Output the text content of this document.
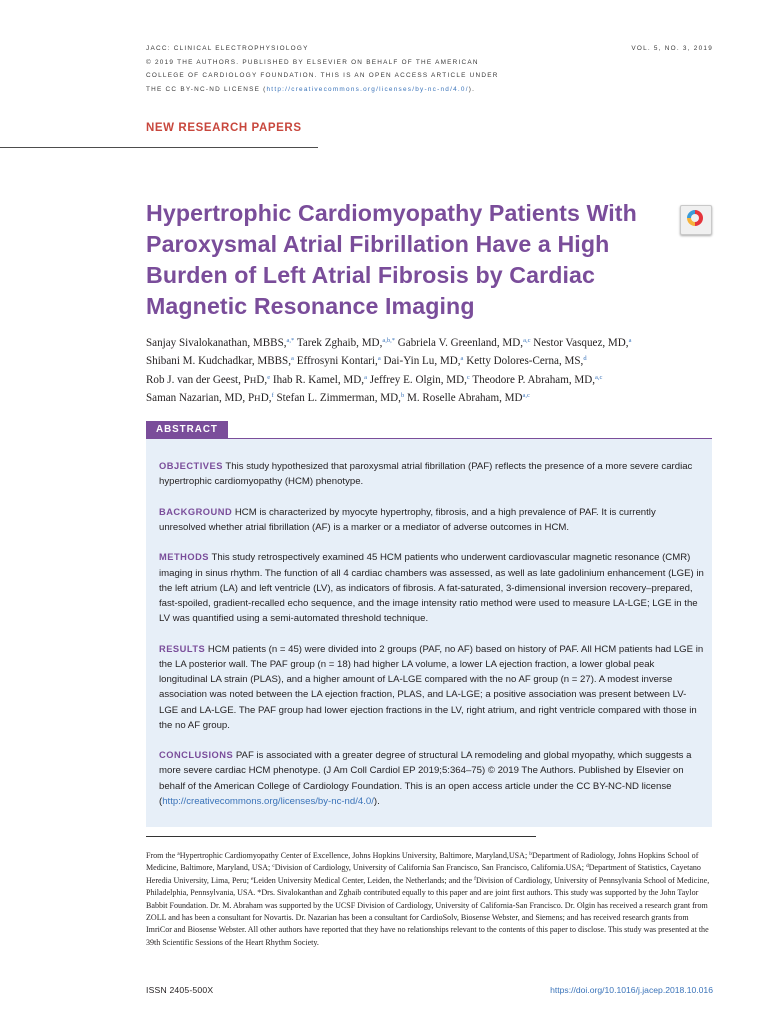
JACC: CLINICAL ELECTROPHYSIOLOGY
© 2019 THE AUTHORS. PUBLISHED BY ELSEVIER ON BEHALF OF THE AMERICAN
COLLEGE OF CARDIOLOGY FOUNDATION. THIS IS AN OPEN ACCESS ARTICLE UNDER
THE CC BY-NC-ND LICENSE (http://creativecommons.org/licenses/by-nc-nd/4.0/).
VOL. 5, NO. 3, 2019
NEW RESEARCH PAPERS
Hypertrophic Cardiomyopathy Patients With Paroxysmal Atrial Fibrillation Have a High Burden of Left Atrial Fibrosis by Cardiac Magnetic Resonance Imaging
Sanjay Sivalokanathan, MBBS,$^{a,*}$ Tarek Zghaib, MD,$^{a,b,*}$ Gabriela V. Greenland, MD,$^{a,c}$ Nestor Vasquez, MD,$^a$
Shibani M. Kudchadkar, MBBS,$^a$ Effrosyni Kontari,$^a$ Dai-Yin Lu, MD,$^a$ Ketty Dolores-Cerna, MS,$^d$
Rob J. van der Geest, PHD,$^e$ Ihab R. Kamel, MD,$^a$ Jeffrey E. Olgin, MD,$^c$ Theodore P. Abraham, MD,$^{a,c}$
Saman Nazarian, MD, PHD,$^f$ Stefan L. Zimmerman, MD,$^b$ M. Roselle Abraham, MD$^{a,c}$
ABSTRACT

OBJECTIVES This study hypothesized that paroxysmal atrial fibrillation (PAF) reflects the presence of a more severe cardiac hypertrophic cardiomyopathy (HCM) phenotype.

BACKGROUND HCM is characterized by myocyte hypertrophy, fibrosis, and a high prevalence of PAF. It is currently unresolved whether atrial fibrillation (AF) is a marker or a mediator of adverse outcomes in HCM.

METHODS This study retrospectively examined 45 HCM patients who underwent cardiovascular magnetic resonance (CMR) imaging in sinus rhythm. The function of all 4 cardiac chambers was assessed, as well as late gadolinium enhancement (LGE) in the left atrium (LA) and left ventricle (LV), as indicators of fibrosis. A fat-saturated, 3-dimensional inversion recovery–prepared, fast-spoiled, gradient-recalled echo sequence, and the image intensity ratio method were used to measure LA-LGE; LGE in the LV was quantified using a semi-automated threshold technique.

RESULTS HCM patients (n = 45) were divided into 2 groups (PAF, no AF) based on history of PAF. All HCM patients had LGE in the LA posterior wall. The PAF group (n = 18) had higher LA volume, a lower LA ejection fraction, a lower global peak longitudinal LA strain (PLAS), and a higher amount of LA-LGE compared with the no AF group (n = 27). A modest inverse association was noted between the LA ejection fraction, PLAS, and LA-LGE; a positive association was present between LV-LGE and LA-LGE. The PAF group had lower ejection fractions in the LV, right atrium, and right ventricle compared with those in the no AF group.

CONCLUSIONS PAF is associated with a greater degree of structural LA remodeling and global myopathy, which suggests a more severe cardiac HCM phenotype. (J Am Coll Cardiol EP 2019;5:364–75) © 2019 The Authors. Published by Elsevier on behalf of the American College of Cardiology Foundation. This is an open access article under the CC BY-NC-ND license (http://creativecommons.org/licenses/by-nc-nd/4.0/).

From the $^a$Hypertrophic Cardiomyopathy Center of Excellence, Johns Hopkins University, Baltimore, Maryland,USA; $^b$Department of Radiology, Johns Hopkins School of Medicine, Baltimore, Maryland, USA; $^c$Division of Cardiology, University of California San Francisco, San Francisco, California.USA; $^d$Department of Statistics, Cayetano Heredia University, Lima, Peru; $^e$Leiden University Medical Center, Leiden, the Netherlands; and the $^f$Division of Cardiology, University of Pennsylvania School of Medicine, Philadelphia, Pennsylvania, USA. *Drs. Sivalokanthan and Zghaib contributed equally to this paper and are joint first authors. This study was supported by the John Taylor Babbit Foundation. Dr. M. Abraham was supported by the UCSF Division of Cardiology, University of California-San Francisco. Dr. Olgin has received a research grant from ZOLL and has been a consultant for Novartis. Dr. Nazarian has been a consultant for CardioSolv, Biosense Webster, and Siemens; and has received research grants from ImriCor and Biosense Webster. All other authors have reported that they have no relationships relevant to the contents of this paper to disclose. This study was presented at the 39th Scientific Sessions of the Heart Rhythm Society.
ISSN 2405-500X	https://doi.org/10.1016/j.jacep.2018.10.016
